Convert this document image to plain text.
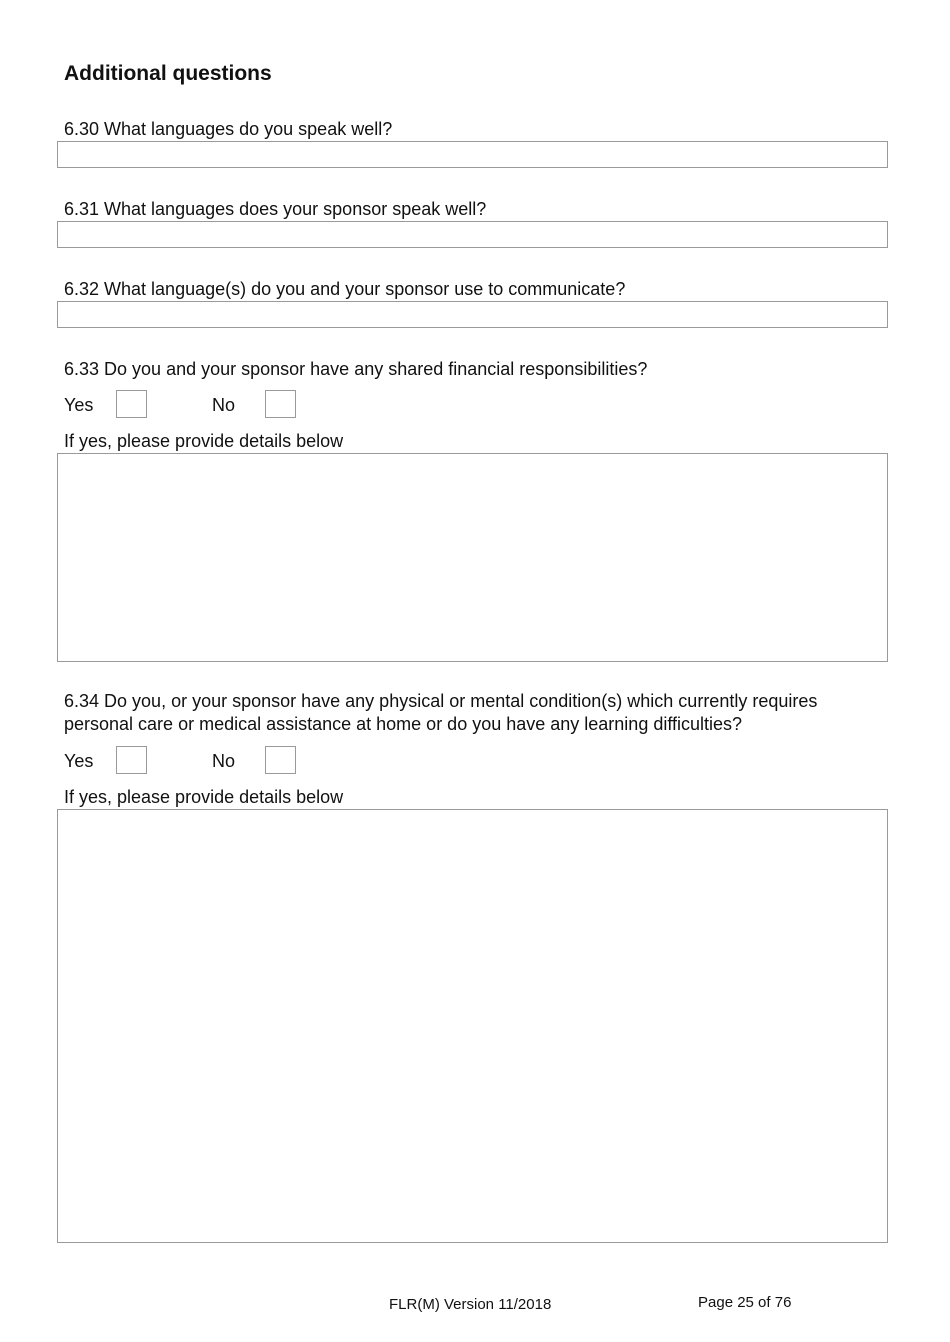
Additional questions
6.30 What languages do you speak well?
6.31 What languages does your sponsor speak well?
6.32 What language(s) do you and your sponsor use to communicate?
6.33 Do you and your sponsor have any shared financial responsibilities?
Yes	No
If yes, please provide details below
6.34 Do you, or your sponsor have any physical or mental condition(s) which currently requires
personal care or medical assistance at home or do you have any learning difficulties?
Yes	No
If yes, please provide details below
FLR(M) Version 11/2018	Page 25 of 76
